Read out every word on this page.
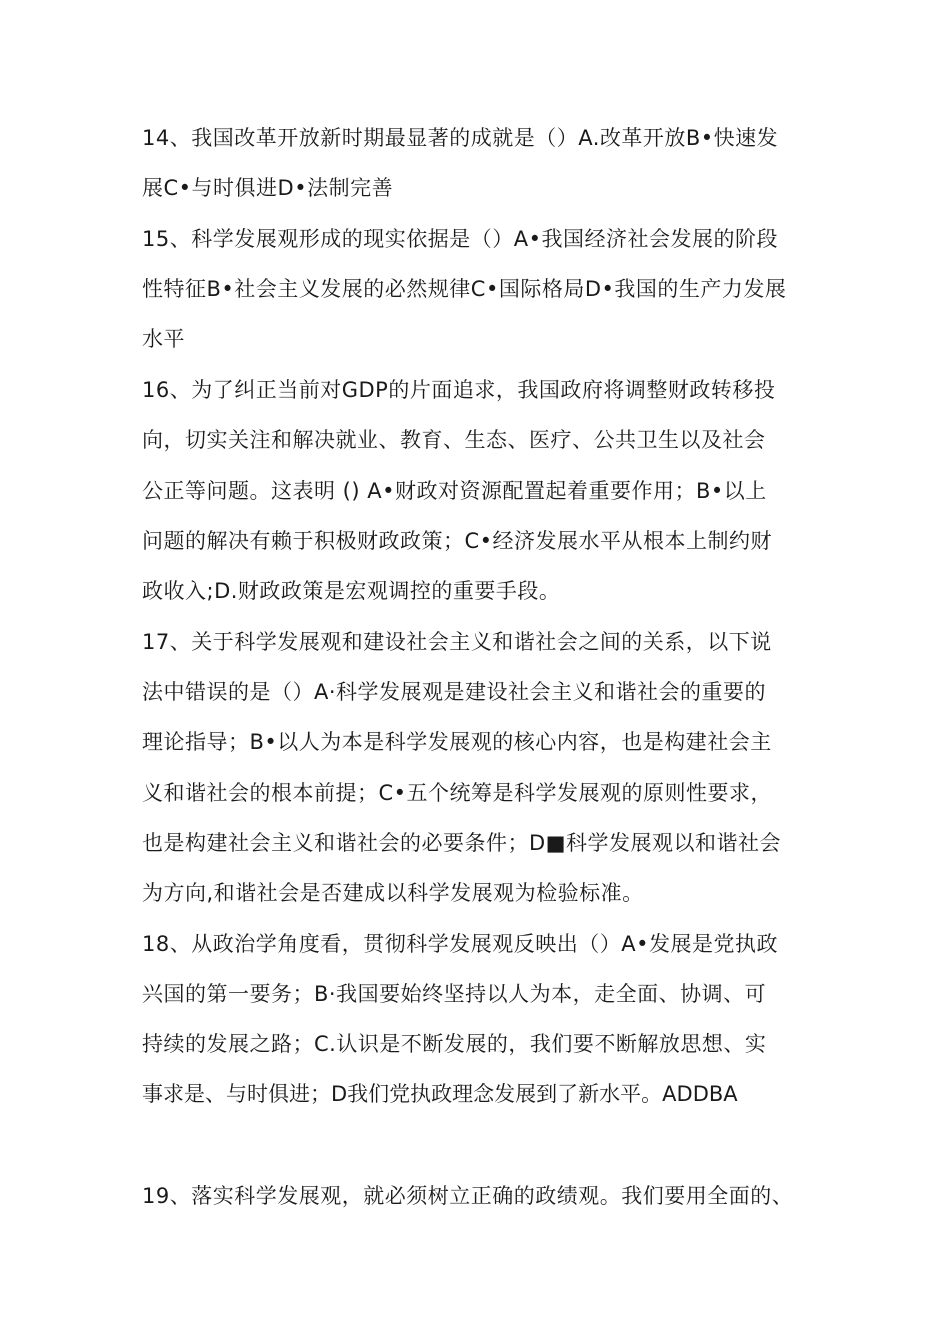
14、我国改革开放新时期最显著的成就是（）A.改革开放B•快速发
展C•与时俱进D•法制完善
15、科学发展观形成的现实依据是（）A•我国经济社会发展的阶段
性特征B•社会主义发展的必然规律C•国际格局D•我国的生产力发展
水平
16、为了纠正当前对GDP的片面追求，我国政府将调整财政转移投
向，切实关注和解决就业、教育、生态、医疗、公共卫生以及社会
公正等问题。这表明 () A•财政对资源配置起着重要作用；B•以上
问题的解决有赖于积极财政政策；C•经济发展水平从根本上制约财
政收入;D.财政政策是宏观调控的重要手段。
17、关于科学发展观和建设社会主义和谐社会之间的关系，以下说
法中错误的是（）A·科学发展观是建设社会主义和谐社会的重要的
理论指导；B•以人为本是科学发展观的核心内容，也是构建社会主
义和谐社会的根本前提；C•五个统筹是科学发展观的原则性要求，
也是构建社会主义和谐社会的必要条件；D■科学发展观以和谐社会
为方向,和谐社会是否建成以科学发展观为检验标准。
18、从政治学角度看，贯彻科学发展观反映出（）A•发展是党执政
兴国的第一要务；B·我国要始终坚持以人为本，走全面、协调、可
持续的发展之路；C.认识是不断发展的，我们要不断解放思想、实
事求是、与时俱进；D我们党执政理念发展到了新水平。ADDBA
19、落实科学发展观，就必须树立正确的政绩观。我们要用全面的、
